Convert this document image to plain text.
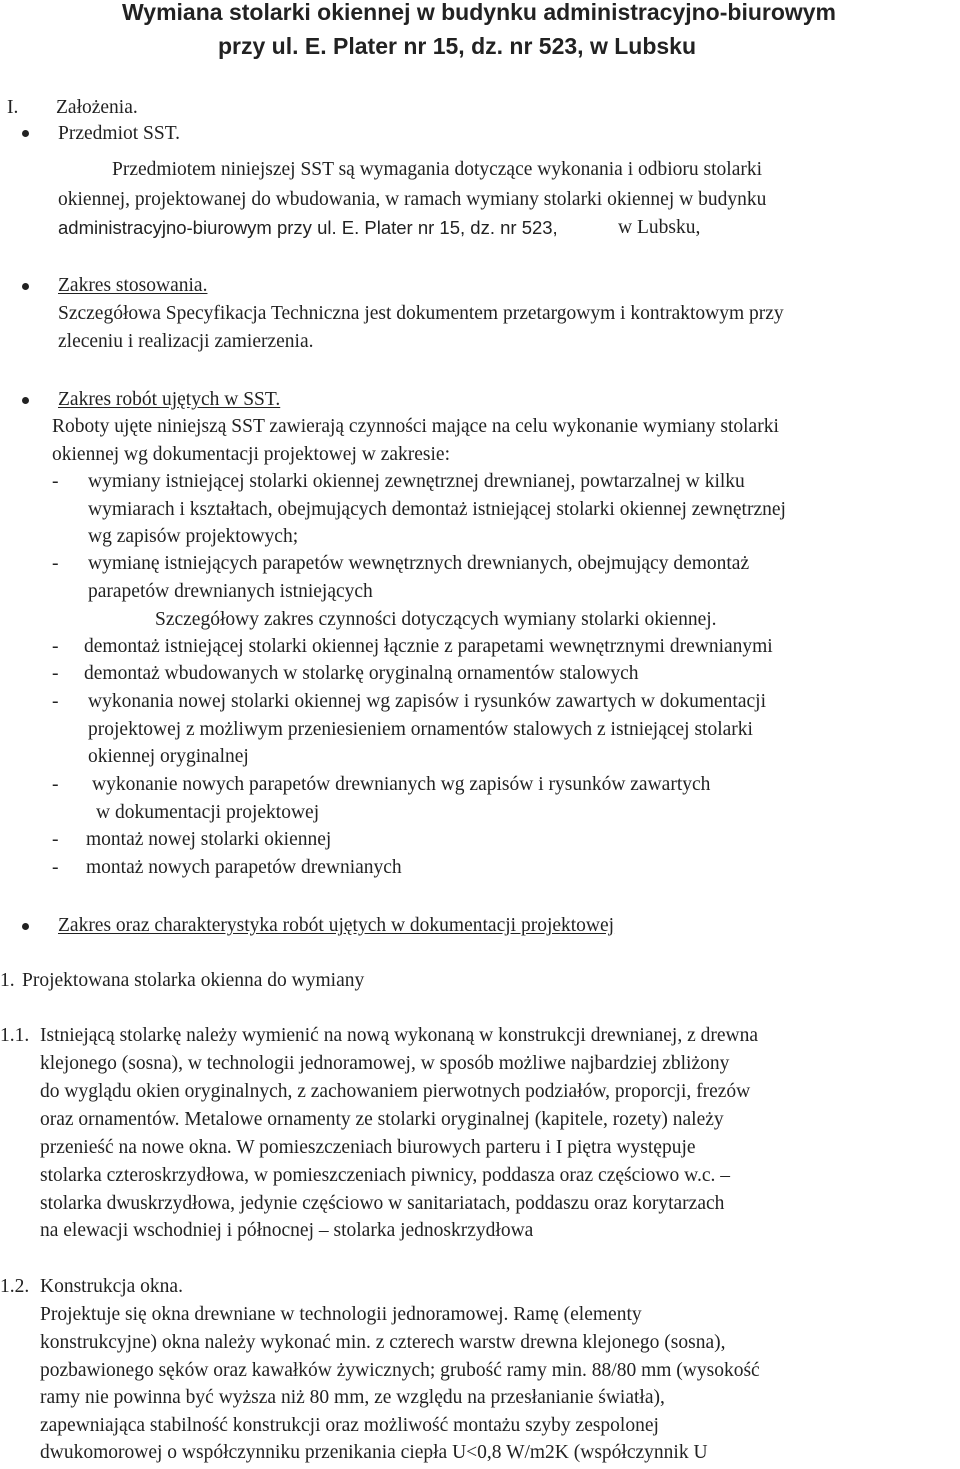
Wymiana stolarki okiennej w budynku administracyjno-biurowym
przy ul. E. Plater nr 15, dz. nr 523, w Lubsku
I. Założenia.
Przedmiot SST.
Przedmiotem niniejszej SST są wymagania dotyczące wykonania i odbioru stolarki
okiennej, projektowanej do wbudowania, w ramach wymiany stolarki okiennej w budynku
administracyjno-biurowym przy ul. E. Plater nr 15, dz. nr 523,	w Lubsku,
Zakres stosowania.
Szczegółowa Specyfikacja Techniczna jest dokumentem przetargowym i kontraktowym przy
zleceniu i realizacji zamierzenia.
Zakres robót ujętych w SST.
Roboty ujęte niniejszą SST zawierają czynności mające na celu wykonanie wymiany stolarki
okiennej wg dokumentacji projektowej w zakresie:
- wymiany istniejącej stolarki okiennej zewnętrznej drewnianej, powtarzalnej w kilku
wymiarach i kształtach, obejmujących demontaż istniejącej stolarki okiennej zewnętrznej
wg zapisów projektowych;
- wymianę istniejących parapetów wewnętrznych drewnianych, obejmujący demontaż
parapetów drewnianych istniejących
Szczegółowy zakres czynności dotyczących wymiany stolarki okiennej.
- demontaż istniejącej stolarki okiennej łącznie z parapetami wewnętrznymi drewnianymi
- demontaż wbudowanych w stolarkę oryginalną ornamentów stalowych
- wykonania nowej stolarki okiennej wg zapisów i rysunków zawartych w dokumentacji
projektowej z możliwym przeniesieniem ornamentów stalowych z istniejącej stolarki
okiennej oryginalnej
- wykonanie nowych parapetów drewnianych wg zapisów i rysunków zawartych
w dokumentacji projektowej
- montaż nowej stolarki okiennej
- montaż nowych parapetów drewnianych
Zakres oraz charakterystyka robót ujętych w dokumentacji projektowej
1. Projektowana stolarka okienna do wymiany
1.1. Istniejącą stolarkę należy wymienić na nową wykonaną w konstrukcji drewnianej, z drewna
klejonego (sosna), w technologii jednoramowej, w sposób możliwe najbardziej zbliżony
do wyglądu okien oryginalnych, z zachowaniem pierwotnych podziałów, proporcji, frezów
oraz ornamentów. Metalowe ornamenty ze stolarki oryginalnej (kapitele, rozety) należy
przenieść na nowe okna. W pomieszczeniach biurowych parteru i I piętra występuje
stolarka czteroskrzydłowa, w pomieszczeniach piwnicy, poddasza oraz częściowo w.c. –
stolarka dwuskrzydłowa, jedynie częściowo w sanitariatach, poddaszu oraz korytarzach
na elewacji wschodniej i północnej – stolarka jednoskrzydłowa
1.2. Konstrukcja okna.
Projektuje się okna drewniane w technologii jednoramowej. Ramę (elementy
konstrukcyjne) okna należy wykonać min. z czterech warstw drewna klejonego (sosna),
pozbawionego sęków oraz kawałków żywicznych; grubość ramy min. 88/80 mm (wysokość
ramy nie powinna być wyższa niż 80 mm, ze względu na przesłanianie światła),
zapewniająca stabilność konstrukcji oraz możliwość montażu szyby zespolonej
dwukomorowej o współczynniku przenikania ciepła U<0,8 W/m2K (współczynnik U
